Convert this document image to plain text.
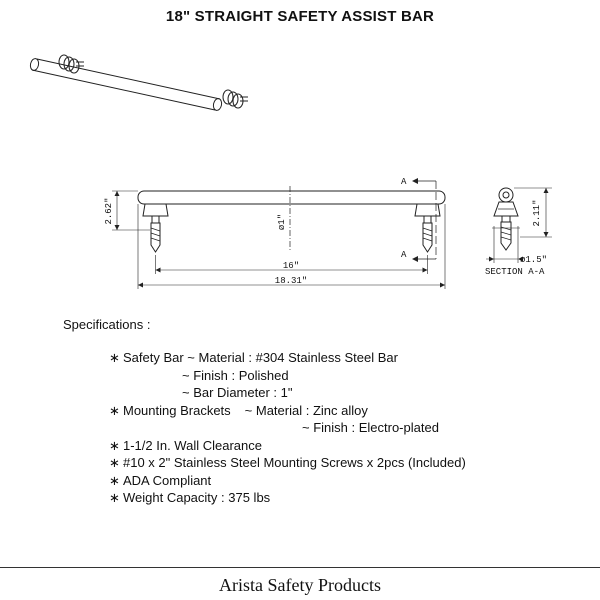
18" STRAIGHT SAFETY ASSIST BAR
2.62"	ø1"
16"
18.31"
A
A
2.11"
ø1.5"
SECTION A-A
Specifications :
∗ Safety Bar ~ Material : #304 Stainless Steel Bar
~ Finish : Polished
~ Bar Diameter : 1"
∗ Mounting Brackets ~ Material : Zinc alloy
~ Finish : Electro-plated
∗ 1-1/2 In. Wall Clearance
∗ #10 x 2" Stainless Steel Mounting Screws x 2pcs (Included)
∗ ADA Compliant
∗ Weight Capacity : 375 lbs
Arista Safety Products
